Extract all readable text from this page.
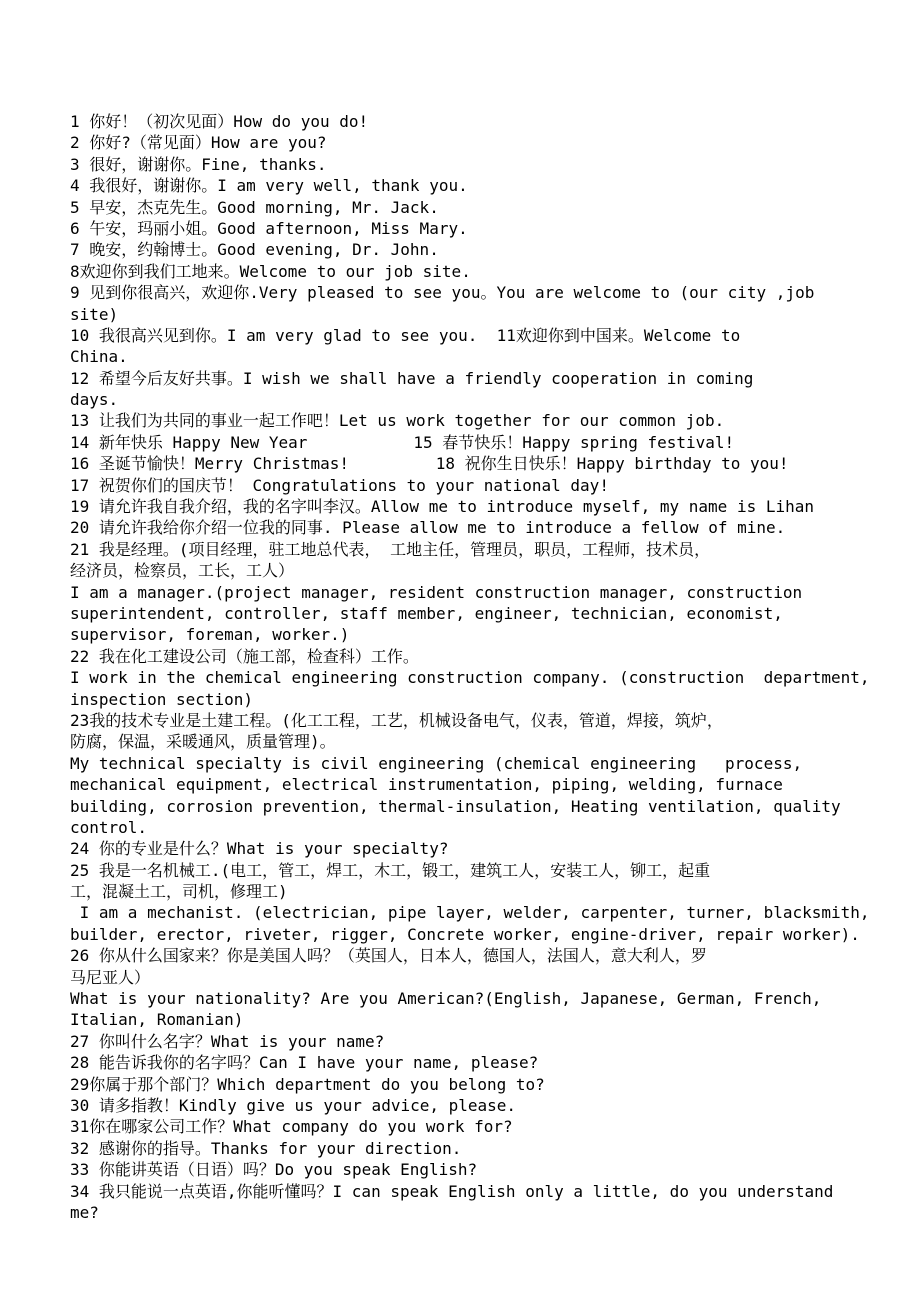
1 你好！（初次见面）How do you do!
2 你好?（常见面）How are you?
3 很好，谢谢你。Fine, thanks.
4 我很好，谢谢你。I am very well, thank you.
5 早安，杰克先生。Good morning, Mr. Jack.
6 午安，玛丽小姐。Good afternoon, Miss Mary.
7 晚安，约翰博士。Good evening, Dr. John.
8欢迎你到我们工地来。Welcome to our job site.
9 见到你很高兴，欢迎你.Very pleased to see you。You are welcome to (our city ,job
site)
10 我很高兴见到你。I am very glad to see you.  11欢迎你到中国来。Welcome to
China.
12 希望今后友好共事。I wish we shall have a friendly cooperation in coming
days.
13 让我们为共同的事业一起工作吧！Let us work together for our common job.
14 新年快乐 Happy New Year           15 春节快乐！Happy spring festival!
16 圣诞节愉快！Merry Christmas!         18 祝你生日快乐！Happy birthday to you!
17 祝贺你们的国庆节！ Congratulations to your national day!
19 请允许我自我介绍，我的名字叫李汉。Allow me to introduce myself, my name is Lihan
20 请允许我给你介绍一位我的同事. Please allow me to introduce a fellow of mine.
21 我是经理。(项目经理，驻工地总代表， 工地主任，管理员，职员，工程师，技术员，
经济员，检察员，工长，工人）
I am a manager.(project manager, resident construction manager, construction
superintendent, controller, staff member, engineer, technician, economist,
supervisor, foreman, worker.)
22 我在化工建设公司（施工部，检查科）工作。
I work in the chemical engineering construction company. (construction  department,
inspection section)
23我的技术专业是土建工程。(化工工程，工艺，机械设备电气，仪表，管道，焊接，筑炉，
防腐，保温，采暖通风，质量管理)。
My technical specialty is civil engineering (chemical engineering   process,
mechanical equipment, electrical instrumentation, piping, welding, furnace
building, corrosion prevention, thermal-insulation, Heating ventilation, quality
control.
24 你的专业是什么？What is your specialty?
25 我是一名机械工.(电工，管工，焊工，木工，锻工，建筑工人，安装工人，铆工，起重
工，混凝土工，司机，修理工)
I am a mechanist. (electrician, pipe layer, welder, carpenter, turner, blacksmith,
builder, erector, riveter, rigger, Concrete worker, engine-driver, repair worker).
26 你从什么国家来？你是美国人吗？（英国人，日本人，德国人，法国人，意大利人，罗
马尼亚人）
What is your nationality? Are you American?(English, Japanese, German, French,
Italian, Romanian)
27 你叫什么名字？What is your name?
28 能告诉我你的名字吗？Can I have your name, please?
29你属于那个部门？Which department do you belong to?
30 请多指教！Kindly give us your advice, please.
31你在哪家公司工作？What company do you work for?
32 感谢你的指导。Thanks for your direction.
33 你能讲英语（日语）吗？Do you speak English?
34 我只能说一点英语,你能听懂吗？I can speak English only a little, do you understand
me?
